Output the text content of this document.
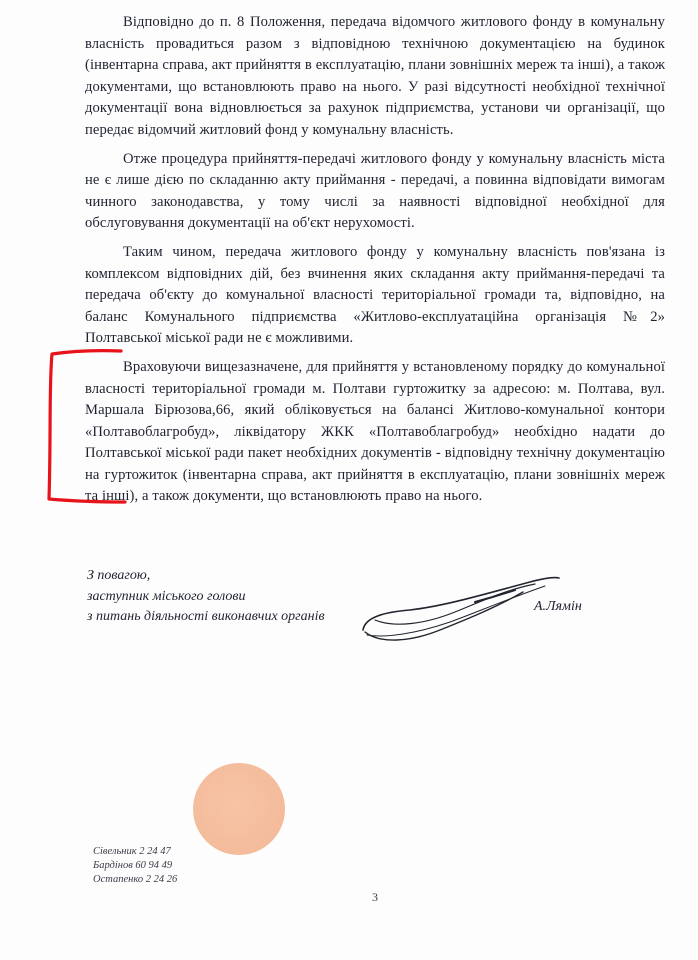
Відповідно до п. 8 Положення, передача відомчого житлового фонду в комунальну власність провадиться разом з відповідною технічною документацією на будинок (інвентарна справа, акт прийняття в експлуатацію, плани зовнішніх мереж та інші), а також документами, що встановлюють право на нього. У разі відсутності необхідної технічної документації вона відновлюється за рахунок підприємства, установи чи організації, що передає відомчий житловий фонд у комунальну власність.

Отже процедура прийняття-передачі житлового фонду у комунальну власність міста не є лише дією по складанню акту приймання - передачі, а повинна відповідати вимогам чинного законодавства, у тому числі за наявності відповідної необхідної для обслуговування документації на об'єкт нерухомості.

Таким чином, передача житлового фонду у комунальну власність пов'язана із комплексом відповідних дій, без вчинення яких складання акту приймання-передачі та передача об'єкту до комунальної власності територіальної громади та, відповідно, на баланс Комунального підприємства «Житлово-експлуатаційна організація №2» Полтавської міської ради не є можливими.

Враховуючи вищезазначене, для прийняття у встановленому порядку до комунальної власності територіальної громади м. Полтави гуртожитку за адресою: м. Полтава, вул. Маршала Бірюзова,66, який обліковується на балансі Житлово-комунальної контори «Полтавоблагробуд», ліквідатору ЖКК «Полтавоблагробуд» необхідно надати до Полтавської міської ради пакет необхідних документів - відповідну технічну документацію на гуртожиток (інвентарна справа, акт прийняття в експлуатацію, плани зовнішніх мереж та інші), а також документи, що встановлюють право на нього.

З повагою,
заступник міського голови
з питань діяльності виконавчих органів
А.Лямін
Сівельник 2 24 47
Бардінов 60 94 49
Остапенко 2 24 26
3
